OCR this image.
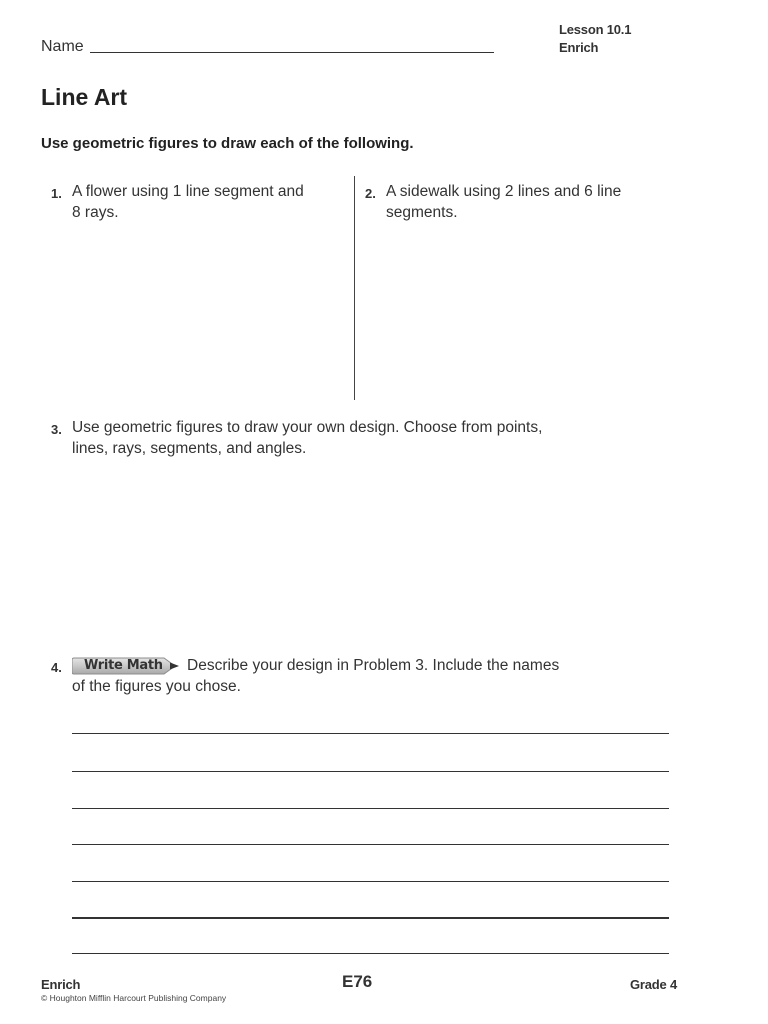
Name
Lesson 10.1
Enrich
Line Art
Use geometric figures to draw each of the following.
1. A flower using 1 line segment and
8 rays.
2. A sidewalk using 2 lines and 6 line
segments.
3. Use geometric figures to draw your own design. Choose from points,
lines, rays, segments, and angles.
4.	Describe your design in Problem 3. Include the names
of the figures you chose.
Write Math
Enrich
© Houghton Mifflin Harcourt Publishing Company
E76	Grade 4
